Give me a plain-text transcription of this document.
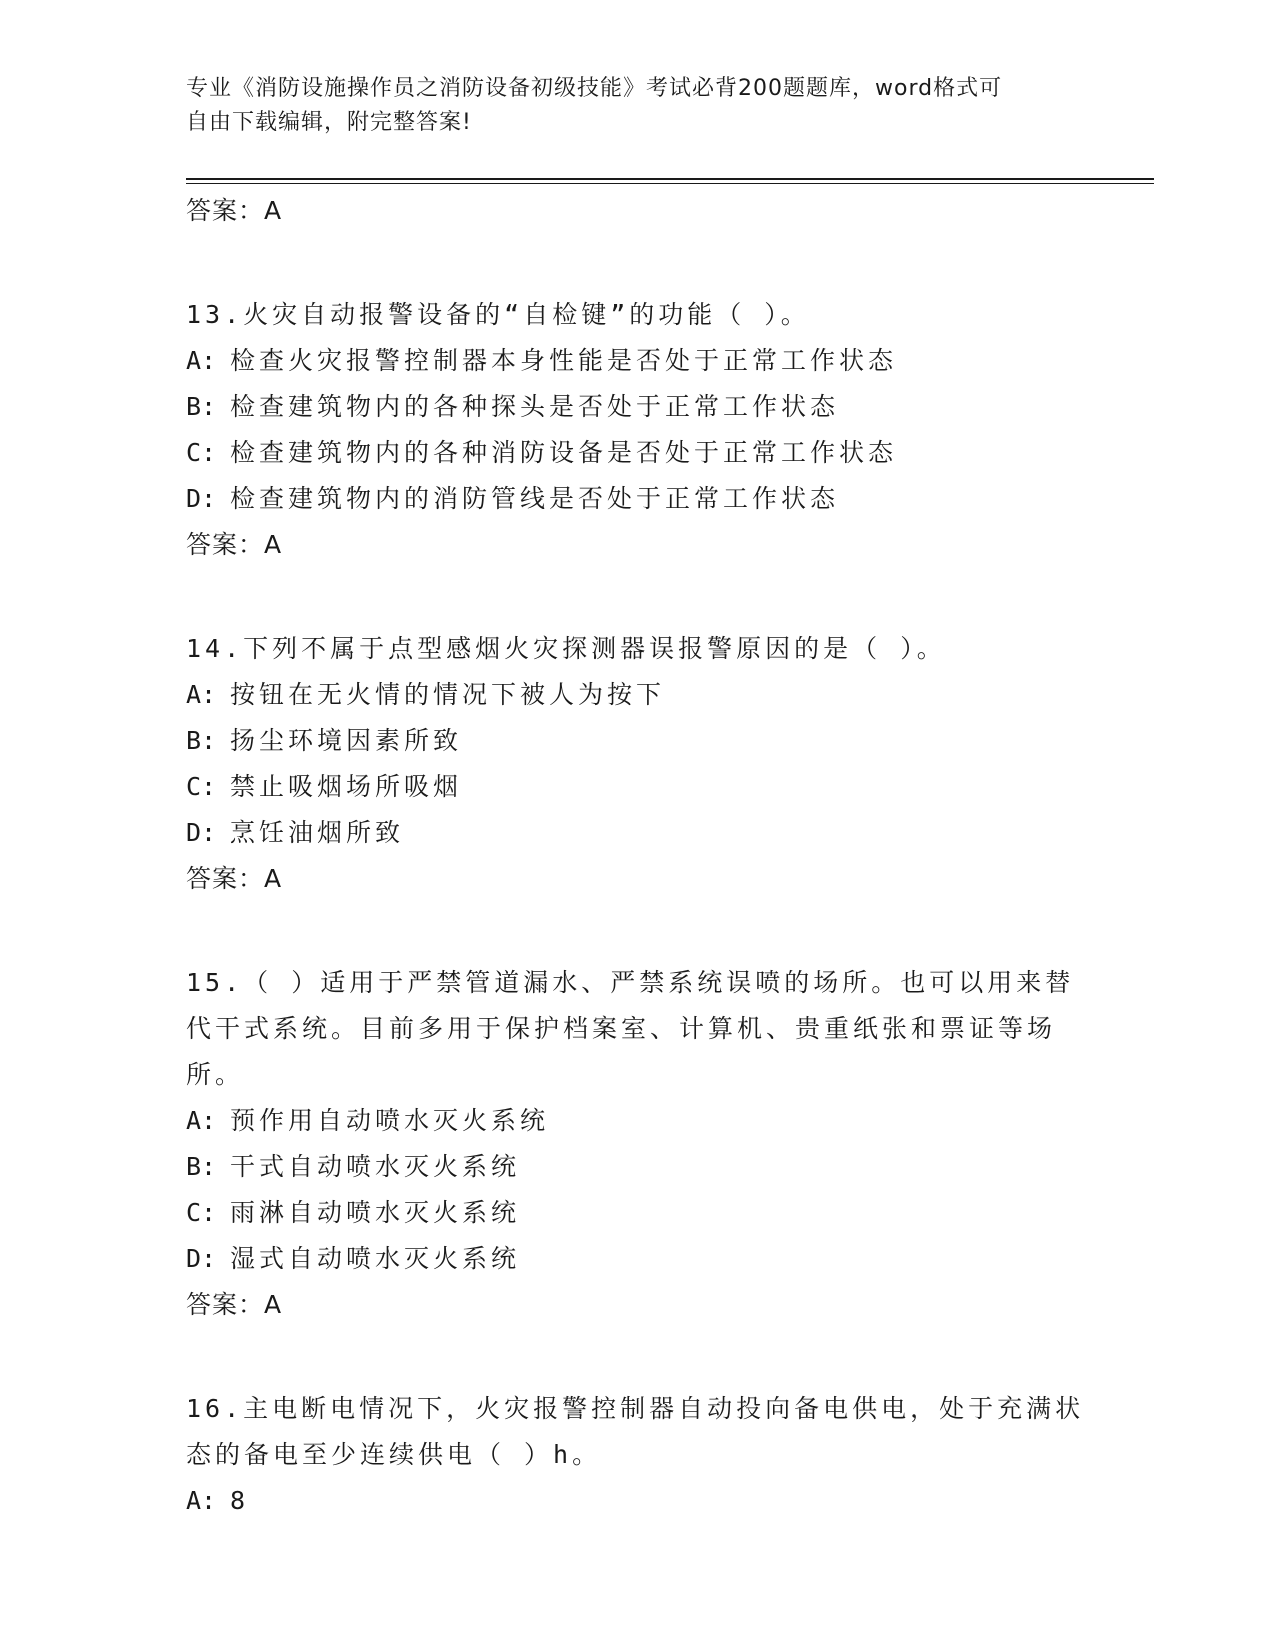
专业《消防设施操作员之消防设备初级技能》考试必背200题题库，word格式可
自由下载编辑，附完整答案!
答案：A
13.火灾自动报警设备的“自检键”的功能（ ）。
A: 检查火灾报警控制器本身性能是否处于正常工作状态
B: 检查建筑物内的各种探头是否处于正常工作状态
C: 检查建筑物内的各种消防设备是否处于正常工作状态
D: 检查建筑物内的消防管线是否处于正常工作状态
答案：A
14.下列不属于点型感烟火灾探测器误报警原因的是（ ）。
A: 按钮在无火情的情况下被人为按下
B: 扬尘环境因素所致
C: 禁止吸烟场所吸烟
D: 烹饪油烟所致
答案：A
15.（ ）适用于严禁管道漏水、严禁系统误喷的场所。也可以用来替
代干式系统。目前多用于保护档案室、计算机、贵重纸张和票证等场
所。
A: 预作用自动喷水灭火系统
B: 干式自动喷水灭火系统
C: 雨淋自动喷水灭火系统
D: 湿式自动喷水灭火系统
答案：A
16.主电断电情况下，火灾报警控制器自动投向备电供电，处于充满状
态的备电至少连续供电（ ）h。
A: 8
